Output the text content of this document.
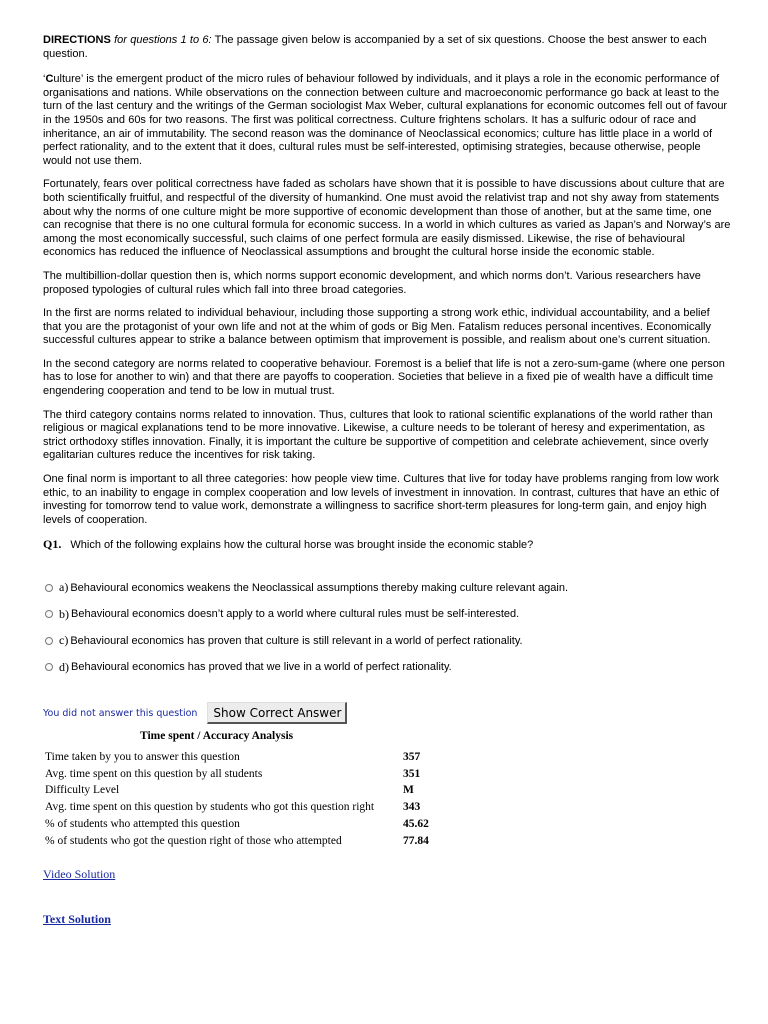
DIRECTIONS for questions 1 to 6: The passage given below is accompanied by a set of six questions. Choose the best answer to each question.

‘Culture’ is the emergent product of the micro rules of behaviour followed by individuals, and it plays a role in the economic performance of organisations and nations. While observations on the connection between culture and macroeconomic performance go back at least to the turn of the last century and the writings of the German sociologist Max Weber, cultural explanations for economic outcomes fell out of favour in the 1950s and 60s for two reasons. The first was political correctness. Culture frightens scholars. It has a sulfuric odour of race and inheritance, an air of immutability. The second reason was the dominance of Neoclassical economics; culture has little place in a world of perfect rationality, and to the extent that it does, cultural rules must be self-interested, optimising strategies, because otherwise, people would not use them.

Fortunately, fears over political correctness have faded as scholars have shown that it is possible to have discussions about culture that are both scientifically fruitful, and respectful of the diversity of humankind. One must avoid the relativist trap and not shy away from statements about why the norms of one culture might be more supportive of economic development than those of another, but at the same time, one can recognise that there is no one cultural formula for economic success. In a world in which cultures as varied as Japan’s and Norway’s are among the most economically successful, such claims of one perfect formula are easily dismissed. Likewise, the rise of behavioural economics has reduced the influence of Neoclassical assumptions and brought the cultural horse inside the economic stable.

The multibillion-dollar question then is, which norms support economic development, and which norms don’t. Various researchers have proposed typologies of cultural rules which fall into three broad categories.

In the first are norms related to individual behaviour, including those supporting a strong work ethic, individual accountability, and a belief that you are the protagonist of your own life and not at the whim of gods or Big Men. Fatalism reduces personal incentives. Economically successful cultures appear to strike a balance between optimism that improvement is possible, and realism about one’s current situation.

In the second category are norms related to cooperative behaviour. Foremost is a belief that life is not a zero-sum-game (where one person has to lose for another to win) and that there are payoffs to cooperation. Societies that believe in a fixed pie of wealth have a difficult time engendering cooperation and tend to be low in mutual trust.

The third category contains norms related to innovation. Thus, cultures that look to rational scientific explanations of the world rather than religious or magical explanations tend to be more innovative. Likewise, a culture needs to be tolerant of heresy and experimentation, as strict orthodoxy stifles innovation. Finally, it is important the culture be supportive of competition and celebrate achievement, since overly egalitarian cultures reduce the incentives for risk taking.

One final norm is important to all three categories: how people view time. Cultures that live for today have problems ranging from low work ethic, to an inability to engage in complex cooperation and low levels of investment in innovation. In contrast, cultures that have an ethic of investing for tomorrow tend to value work, demonstrate a willingness to sacrifice short-term pleasures for long-term gain, and enjoy high levels of cooperation.

Q1. Which of the following explains how the cultural horse was brought inside the economic stable?
a) Behavioural economics weakens the Neoclassical assumptions thereby making culture relevant again.
b) Behavioural economics doesn’t apply to a world where cultural rules must be self-interested.
c) Behavioural economics has proven that culture is still relevant in a world of perfect rationality.
d) Behavioural economics has proved that we live in a world of perfect rationality.
You did not answer this question	Show Correct Answer
Time spent / Accuracy Analysis
Time taken by you to answer this question	357
Avg. time spent on this question by all students	351
Difficulty Level	M
Avg. time spent on this question by students who got this question right	343
% of students who attempted this question	45.62
% of students who got the question right of those who attempted	77.84
Video Solution
Text Solution
